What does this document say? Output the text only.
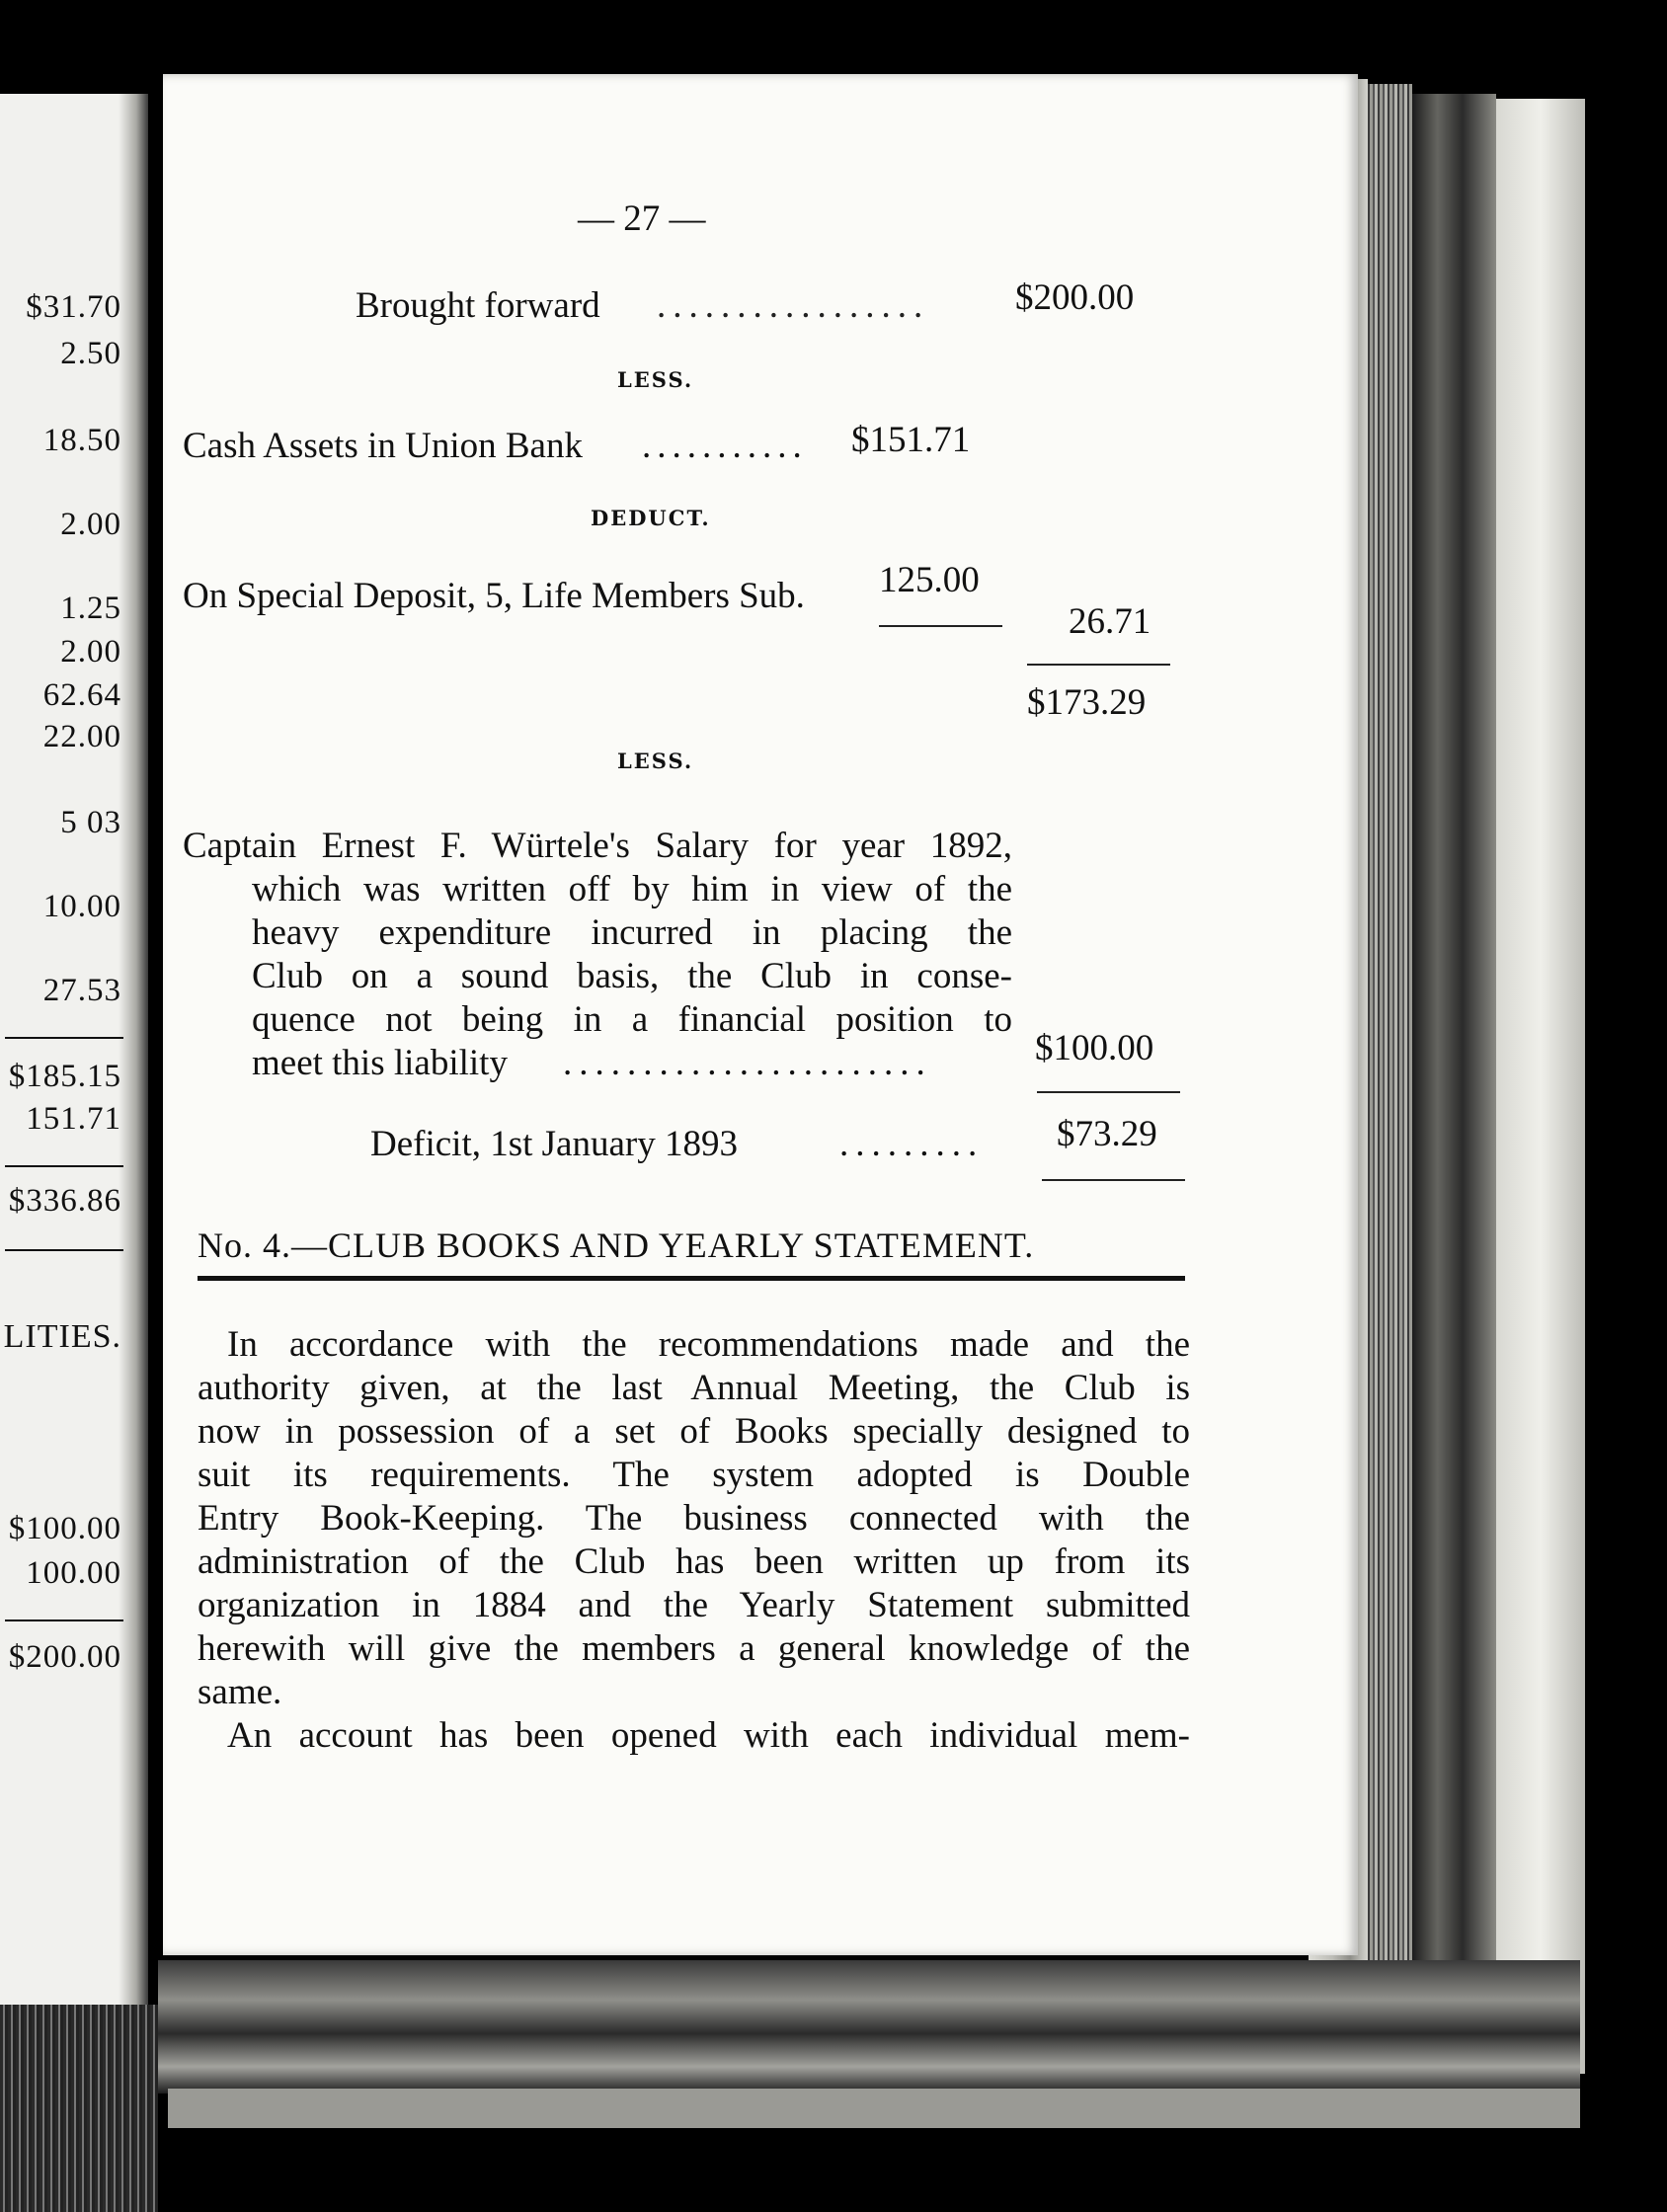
$31.70
2.50
18.50
2.00
1.25
2.00
62.64
22.00
5 03
10.00
27.53
$185.15
151.71
$336.86
LITIES.
$100.00
100.00
$200.00
— 27 —
Brought forward ................. $200.00
LESS.
Cash Assets in Union Bank ........... $151.71
DEDUCT.
On Special Deposit, 5, Life Members Sub. 125.00
26.71
$173.29
LESS.
Captain Ernest F. Würtele's Salary for year 1892,
which was written off by him in view of the
heavy expenditure incurred in placing the
Club on a sound basis, the Club in conse-
quence not being in a financial position to
meet this liability	.......................	$100.00
Deficit, 1st January 1893	......... $73.29
No. 4.—CLUB BOOKS AND YEARLY STATEMENT.
In accordance with the recommendations made and the
authority given, at the last Annual Meeting, the Club is
now in possession of a set of Books specially designed to
suit its requirements. The system adopted is Double
Entry Book-Keeping. The business connected with the
administration of the Club has been written up from its
organization in 1884 and the Yearly Statement submitted
herewith will give the members a general knowledge of the
same.
An account has been opened with each individual mem-
